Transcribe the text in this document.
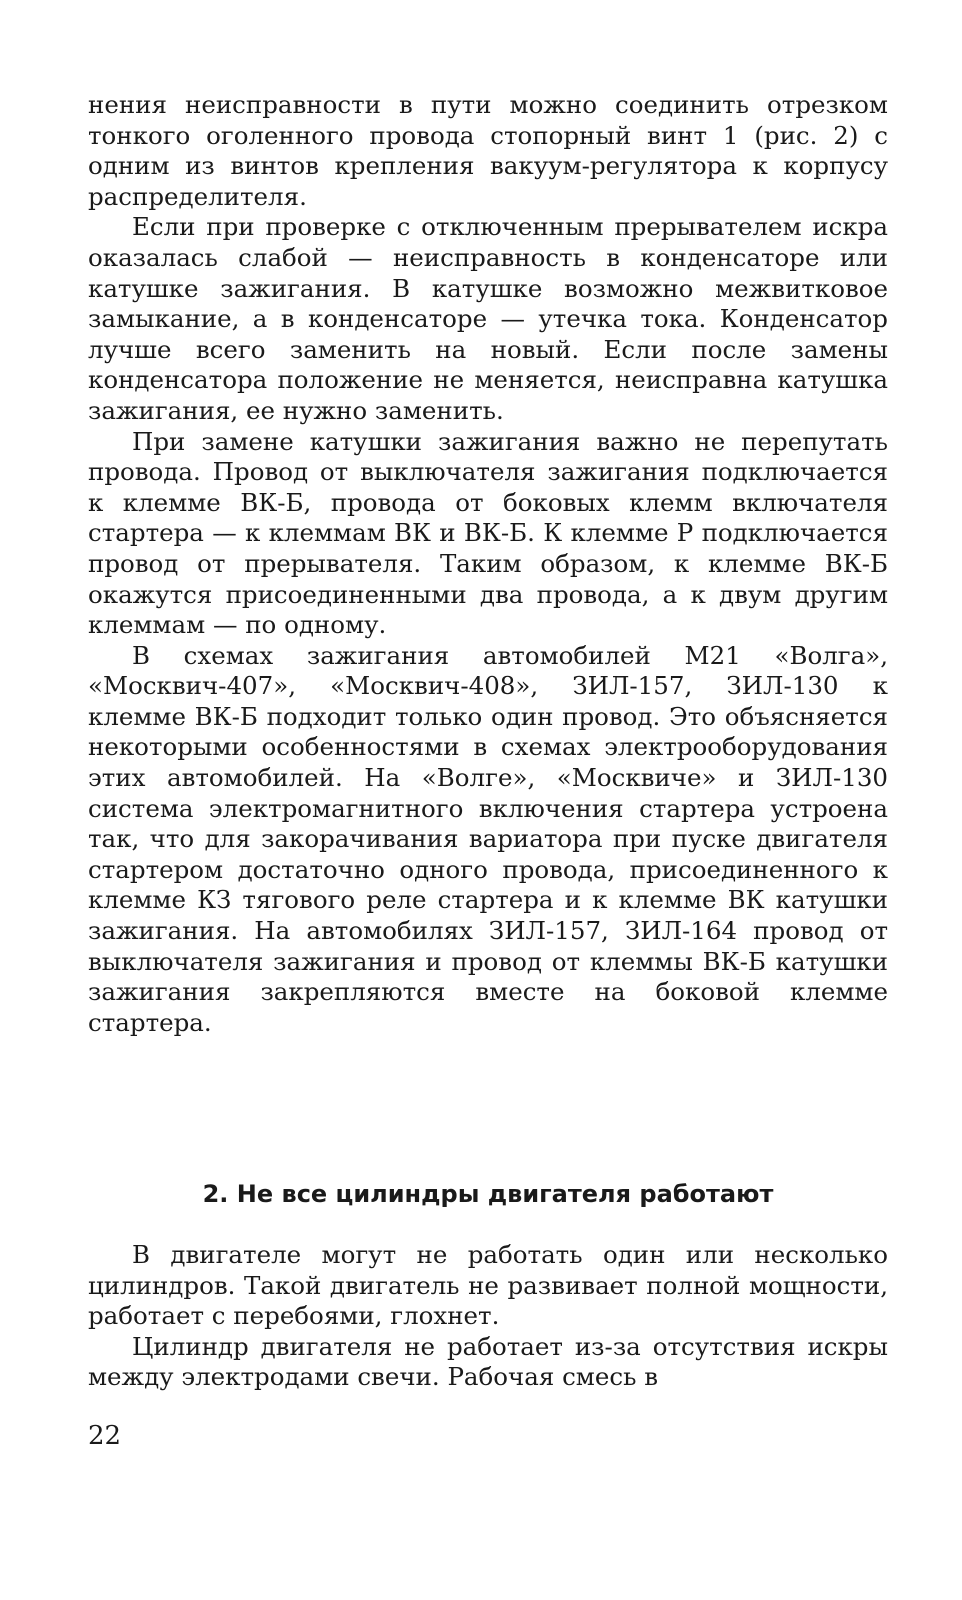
нения неисправности в пути можно соединить отрезком тонкого оголенного провода стопорный винт 1 (рис. 2) с одним из винтов крепления вакуум-регулятора к корпусу распределителя.

Если при проверке с отключенным прерывателем искра оказалась слабой — неисправность в конденсаторе или катушке зажигания. В катушке возможно межвитковое замыкание, а в конденсаторе — утечка тока. Конденсатор лучше всего заменить на новый. Если после замены конденсатора положение не меняется, неисправна катушка зажигания, ее нужно заменить.

При замене катушки зажигания важно не перепутать провода. Провод от выключателя зажигания подключается к клемме ВК-Б, провода от боковых клемм включателя стартера — к клеммам ВК и ВК-Б. К клемме Р подключается провод от прерывателя. Таким образом, к клемме ВК-Б окажутся присоединенными два провода, а к двум другим клеммам — по одному.

В схемах зажигания автомобилей М21 «Волга», «Москвич-407», «Москвич-408», ЗИЛ-157, ЗИЛ-130 к клемме ВК-Б подходит только один провод. Это объясняется некоторыми особенностями в схемах электрооборудования этих автомобилей. На «Волге», «Москвиче» и ЗИЛ-130 система электромагнитного включения стартера устроена так, что для закорачивания вариатора при пуске двигателя стартером достаточно одного провода, присоединенного к клемме КЗ тягового реле стартера и к клемме ВК катушки зажигания. На автомобилях ЗИЛ-157, ЗИЛ-164 провод от выключателя зажигания и провод от клеммы ВК-Б катушки зажигания закрепляются вместе на боковой клемме стартера.

2. Не все цилиндры двигателя работают

В двигателе могут не работать один или несколько цилиндров. Такой двигатель не развивает полной мощности, работает с перебоями, глохнет.

Цилиндр двигателя не работает из-за отсутствия искры между электродами свечи. Рабочая смесь в

22
